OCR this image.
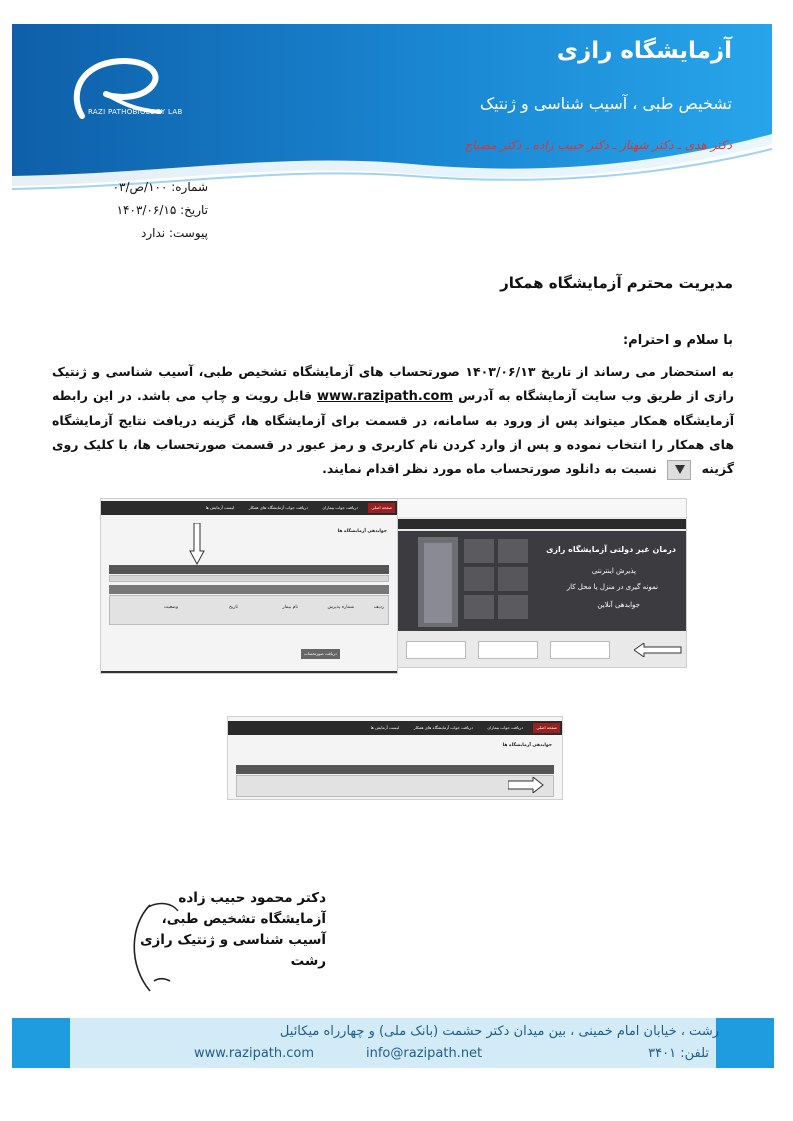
RAZI PATHOBIOLOGY LAB
آزمایشگاه رازی
تشخیص طبی ، آسیب شناسی و ژنتیک
دکتر هدی ـ دکتر شهناز ـ دکتر حبیب زاده ـ دکتر مصباح
شماره: ۱۰۰/ص/۰۳
تاریخ: ۱۴۰۳/۰۶/۱۵
پیوست: ندارد
مدیریت محترم آزمایشگاه همکار
با سلام و احترام:
به استحضار می رساند از تاریخ ۱۴۰۳/۰۶/۱۳ صورتحساب های آزمایشگاه تشخیص طبی، آسیب شناسی و ژنتیک رازی از طریق وب سایت آزمایشگاه به آدرس www.razipath.com قابل رویت و چاپ می باشد. در این رابطه آزمایشگاه همکار میتواند پس از ورود به سامانه، در قسمت برای آزمایشگاه ها، گزینه دریافت نتایج آزمایشگاه های همکار را انتخاب نموده و پس از وارد کردن نام کاربری و رمز عبور در قسمت صورتحساب ها، با کلیک روی گزینه  نسبت به دانلود صورتحساب ماه مورد نظر اقدام نمایند.
صفحه اصلی
دریافت جواب بیماران
دریافت جواب آزمایشگاه های همکار
لیست آزمایش ها
جوابدهی آزمایشگاه ها
ردیف
شماره پذیرش
نام بیمار
تاریخ
وضعیت
دریافت صورتحساب
درمان غیر دولتی آزمایشگاه رازی
پذیرش اینترنتی
نمونه گیری در منزل یا محل کار
جوابدهی آنلاین
صفحه اصلی
دریافت جواب بیماران
دریافت جواب آزمایشگاه های همکار
لیست آزمایش ها
جوابدهی آزمایشگاه ها
دکتر محمود حبیب زاده
آزمایشگاه تشخیص طبی،
آسیب شناسی و ژنتیک رازی رشت
رشت ، خیابان امام خمینی ، بین میدان دکتر حشمت (بانک ملی) و چهارراه میکائیل
www.razipath.com	info@razipath.net	تلفن: ۳۴۰۱
